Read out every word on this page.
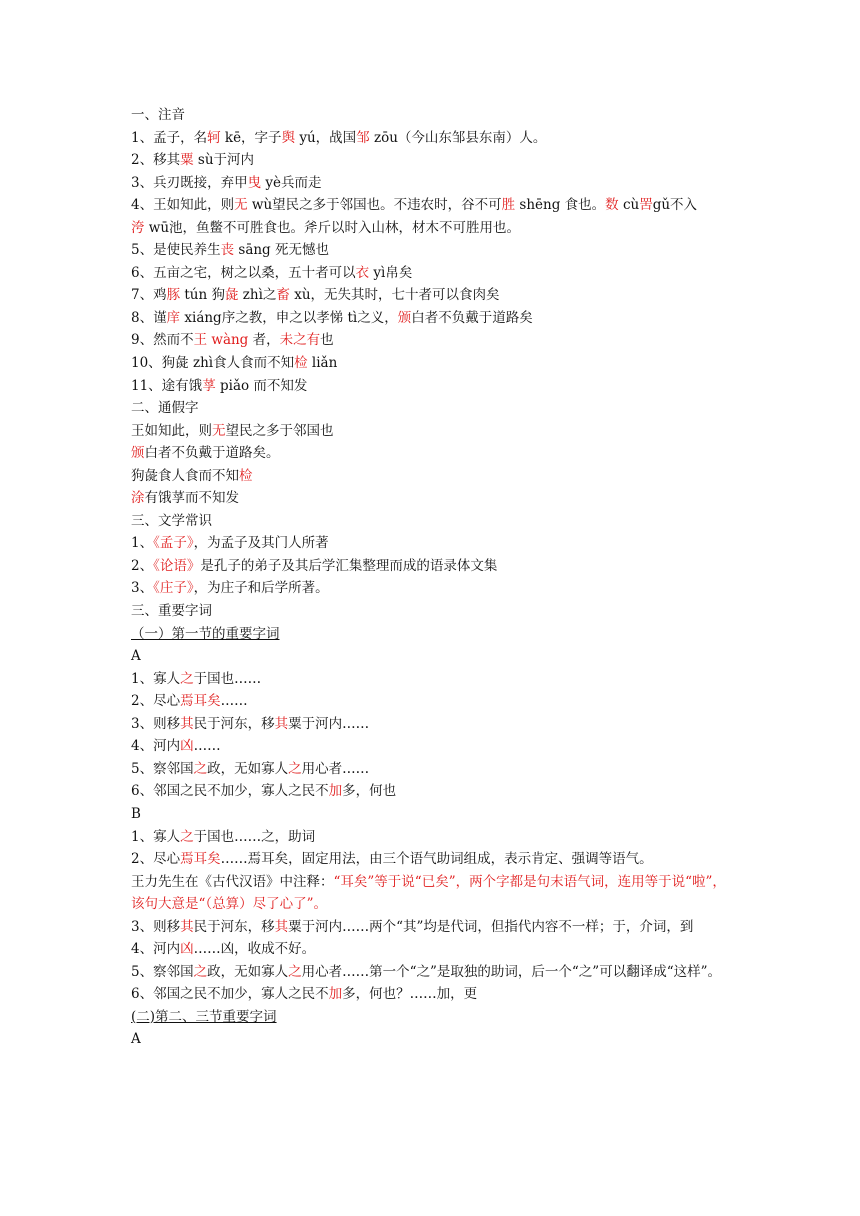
一、注音
1、孟子，名轲 kē，字子舆 yú，战国邹 zōu（今山东邹县东南）人。
2、移其粟 sù于河内
3、兵刃既接，弃甲曳 yè兵而走
4、王如知此，则无 wù望民之多于邻国也。不违农时，谷不可胜 shēng 食也。数 cù罟gǔ不入
洿 wū池，鱼鳖不可胜食也。斧斤以时入山林，材木不可胜用也。
5、是使民养生丧 sāng 死无憾也
6、五亩之宅，树之以桑，五十者可以衣 yì帛矣
7、鸡豚 tún 狗彘 zhì之畜 xù，无失其时，七十者可以食肉矣
8、谨庠 xiáng序之教，申之以孝悌 tì之义，颁白者不负戴于道路矣
9、然而不王 wàng 者，未之有也
10、狗彘 zhì食人食而不知检 liǎn
11、途有饿莩 piǎo 而不知发
二、通假字
王如知此，则无望民之多于邻国也
颁白者不负戴于道路矣。
狗彘食人食而不知检
涂有饿莩而不知发
三、文学常识
1、《孟子》，为孟子及其门人所著
2、《论语》是孔子的弟子及其后学汇集整理而成的语录体文集
3、《庄子》，为庄子和后学所著。
三、重要字词
（一）第一节的重要字词
A
1、寡人之于国也……
2、尽心焉耳矣……
3、则移其民于河东，移其粟于河内……
4、河内凶……
5、察邻国之政，无如寡人之用心者……
6、邻国之民不加少，寡人之民不加多，何也
B
1、寡人之于国也……之，助词
2、尽心焉耳矣……焉耳矣，固定用法，由三个语气助词组成，表示肯定、强调等语气。
王力先生在《古代汉语》中注释：“耳矣”等于说“已矣”，两个字都是句末语气词，连用等于说“啦”，该句大意是“（总算）尽了心了”。
3、则移其民于河东，移其粟于河内……两个“其”均是代词，但指代内容不一样；于，介词，到
4、河内凶……凶，收成不好。
5、察邻国之政，无如寡人之用心者……第一个“之”是取独的助词，后一个“之”可以翻译成“这样”。
6、邻国之民不加少，寡人之民不加多，何也？……加，更
(二)第二、三节重要字词
A
